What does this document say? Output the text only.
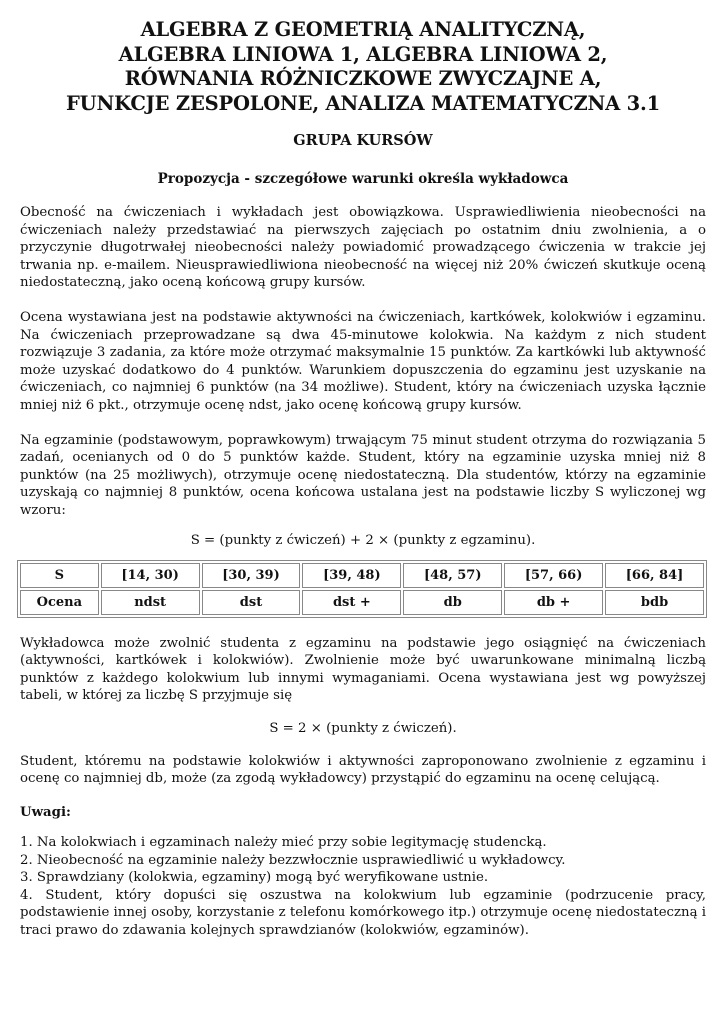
ALGEBRA Z GEOMETRIĄ ANALITYCZNĄ,
ALGEBRA LINIOWA 1, ALGEBRA LINIOWA 2,
RÓWNANIA RÓŻNICZKOWE ZWYCZAJNE A,
FUNKCJE ZESPOLONE, ANALIZA MATEMATYCZNA 3.1
GRUPA KURSÓW
Propozycja - szczegółowe warunki określa wykładowca

Obecność na ćwiczeniach i wykładach jest obowiązkowa. Usprawiedliwienia nieobecności na ćwiczeniach należy przedstawiać na pierwszych zajęciach po ostatnim dniu zwolnienia, a o przyczynie długotrwałej nieobecności należy powiadomić prowadzącego ćwiczenia w trakcie jej trwania np. e-mailem. Nieusprawiedliwiona nieobecność na więcej niż 20% ćwiczeń skutkuje oceną niedostateczną, jako oceną końcową grupy kursów.

Ocena wystawiana jest na podstawie aktywności na ćwiczeniach, kartkówek, kolokwiów i egzaminu. Na ćwiczeniach przeprowadzane są dwa 45-minutowe kolokwia. Na każdym z nich student rozwiązuje 3 zadania, za które może otrzymać maksymalnie 15 punktów. Za kartkówki lub aktywność może uzyskać dodatkowo do 4 punktów. Warunkiem dopuszczenia do egzaminu jest uzyskanie na ćwiczeniach, co najmniej 6 punktów (na 34 możliwe). Student, który na ćwiczeniach uzyska łącznie mniej niż 6 pkt., otrzymuje ocenę ndst, jako ocenę końcową grupy kursów.

Na egzaminie (podstawowym, poprawkowym) trwającym 75 minut student otrzyma do rozwiązania 5 zadań, ocenianych od 0 do 5 punktów każde. Student, który na egzaminie uzyska mniej niż 8 punktów (na 25 możliwych), otrzymuje ocenę niedostateczną. Dla studentów, którzy na egzaminie uzyskają co najmniej 8 punktów, ocena końcowa ustalana jest na podstawie liczby S wyliczonej wg wzoru:

S = (punkty z ćwiczeń) + 2 × (punkty z egzaminu).
S	[14, 30)	[30, 39)	[39, 48)	[48, 57)	[57, 66)	[66, 84]
Ocena	ndst	dst	dst +	db	db +	bdb

Wykładowca może zwolnić studenta z egzaminu na podstawie jego osiągnięć na ćwiczeniach (aktywności, kartkówek i kolokwiów). Zwolnienie może być uwarunkowane minimalną liczbą punktów z każdego kolokwium lub innymi wymaganiami. Ocena wystawiana jest wg powyższej tabeli, w której za liczbę S przyjmuje się

S = 2 × (punkty z ćwiczeń).

Student, któremu na podstawie kolokwiów i aktywności zaproponowano zwolnienie z egzaminu i ocenę co najmniej db, może (za zgodą wykładowcy) przystąpić do egzaminu na ocenę celującą.

Uwagi:
1. Na kolokwiach i egzaminach należy mieć przy sobie legitymację studencką.
2. Nieobecność na egzaminie należy bezzwłocznie usprawiedliwić u wykładowcy.
3. Sprawdziany (kolokwia, egzaminy) mogą być weryfikowane ustnie.
4. Student, który dopuści się oszustwa na kolokwium lub egzaminie (podrzucenie pracy, podstawienie innej osoby, korzystanie z telefonu komórkowego itp.) otrzymuje ocenę niedostateczną i traci prawo do zdawania kolejnych sprawdzianów (kolokwiów, egzaminów).
